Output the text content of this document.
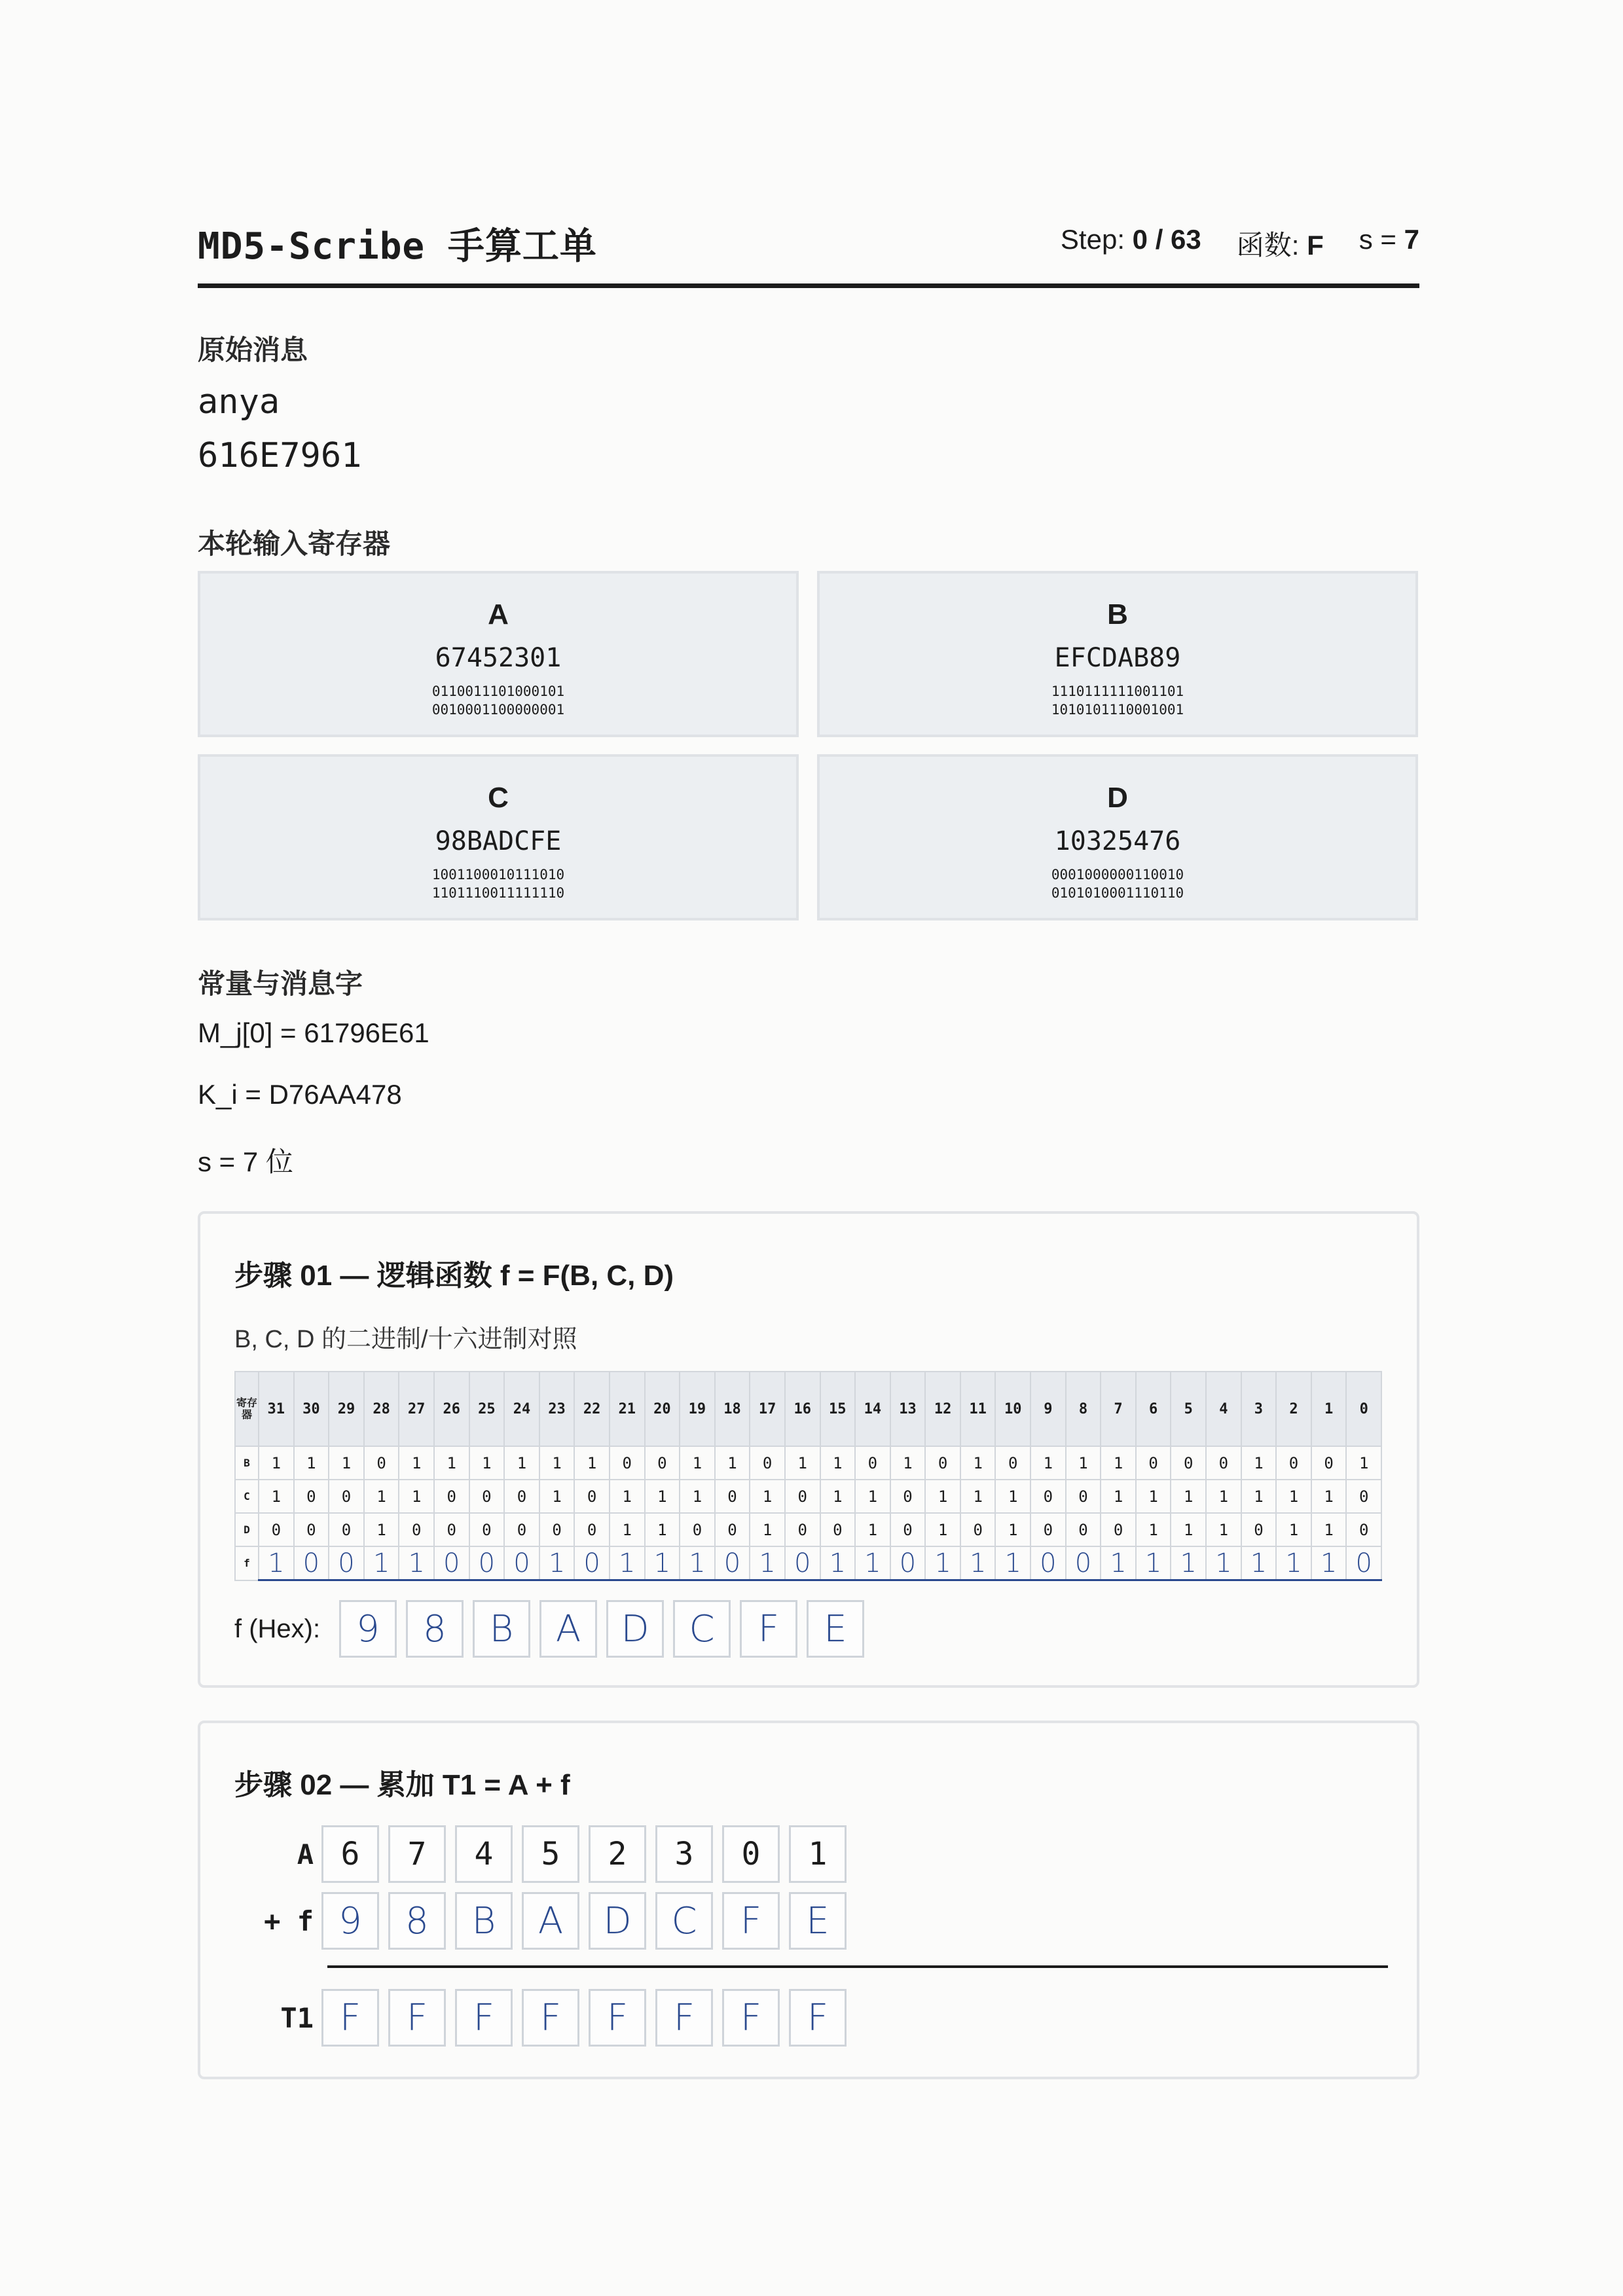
MD5-Scribe 手算工单	Step: 0 / 63 函数: F s = 7
原始消息
anya
616E7961
本轮输入寄存器
A
67452301
0110011101000101
0010001100000001
B
EFCDAB89
1110111111001101
1010101110001001
C
98BADCFE
1001100010111010
1101110011111110
D
10325476
0001000000110010
0101010001110110
常量与消息字
M_j[0] = 61796E61
K_i = D76AA478
s = 7 位
步骤 01 — 逻辑函数 f = F(B, C, D)
B, C, D 的二进制/十六进制对照
寄存器	31	30	29	28	27	26	25	24	23	22	21	20	19	18	17	16	15	14	13	12	11	10	9	8	7	6	5	4	3	2	1	0
B	1	1	1	0	1	1	1	1	1	1	0	0	1	1	0	1	1	0	1	0	1	0	1	1	1	0	0	0	1	0	0	1
C	1	0	0	1	1	0	0	0	1	0	1	1	1	0	1	0	1	1	0	1	1	1	0	0	1	1	1	1	1	1	1	0
D	0	0	0	1	0	0	0	0	0	0	1	1	0	0	1	0	0	1	0	1	0	1	0	0	0	1	1	1	0	1	1	0
f	1	0	0	1	1	0	0	0	1	0	1	1	1	0	1	0	1	1	0	1	1	1	0	0	1	1	1	1	1	1	1	0
f (Hex): 9	8	B	A	D	C	F	E
步骤 02 — 累加 T1 = A + f
A 6	7	4	5	2	3	0	1
+ f 9	8	B	A	D	C	F	E
T1 F	F	F	F	F	F	F	F
